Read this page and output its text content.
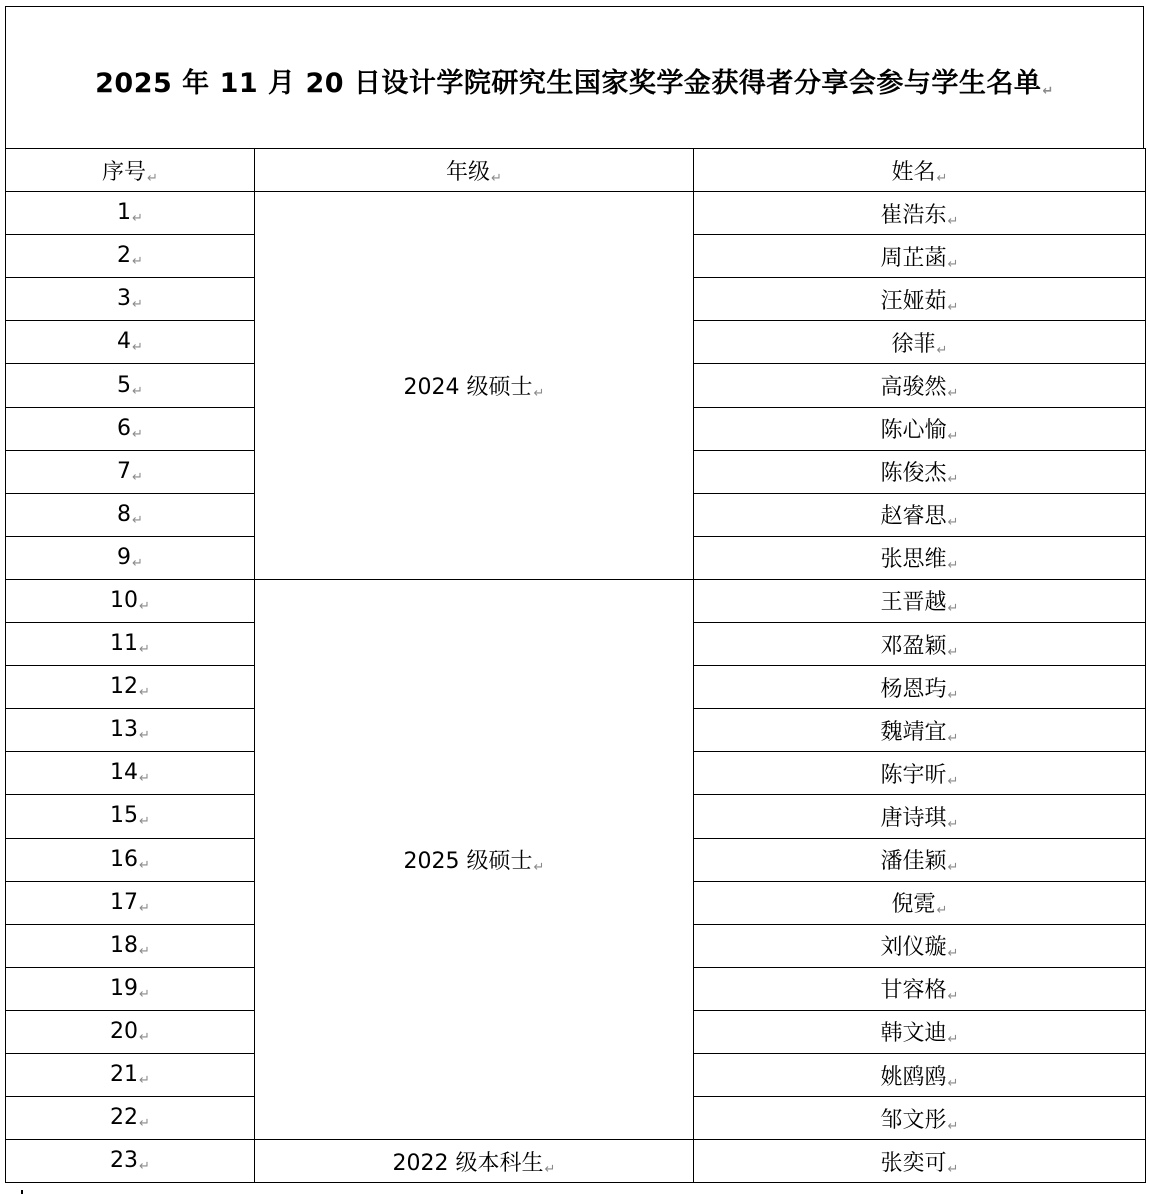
2025 年 11 月 20 日设计学院研究生国家奖学金获得者分享会参与学生名单↵
序号↵	年级↵	姓名↵
1↵	2024 级硕士↵	崔浩东↵
2↵		周芷菡↵
3↵		汪娅茹↵
4↵		徐菲↵
5↵		高骏然↵
6↵		陈心愉↵
7↵		陈俊杰↵
8↵		赵睿思↵
9↵		张思维↵
10↵	2025 级硕士↵	王晋越↵
11↵		邓盈颖↵
12↵		杨恩玙↵
13↵		魏靖宜↵
14↵		陈宇昕↵
15↵		唐诗琪↵
16↵		潘佳颖↵
17↵		倪霓↵
18↵		刘仪璇↵
19↵		甘容格↵
20↵		韩文迪↵
21↵		姚鸥鸥↵
22↵		邹文彤↵
23↵	2022 级本科生↵	张奕可↵
